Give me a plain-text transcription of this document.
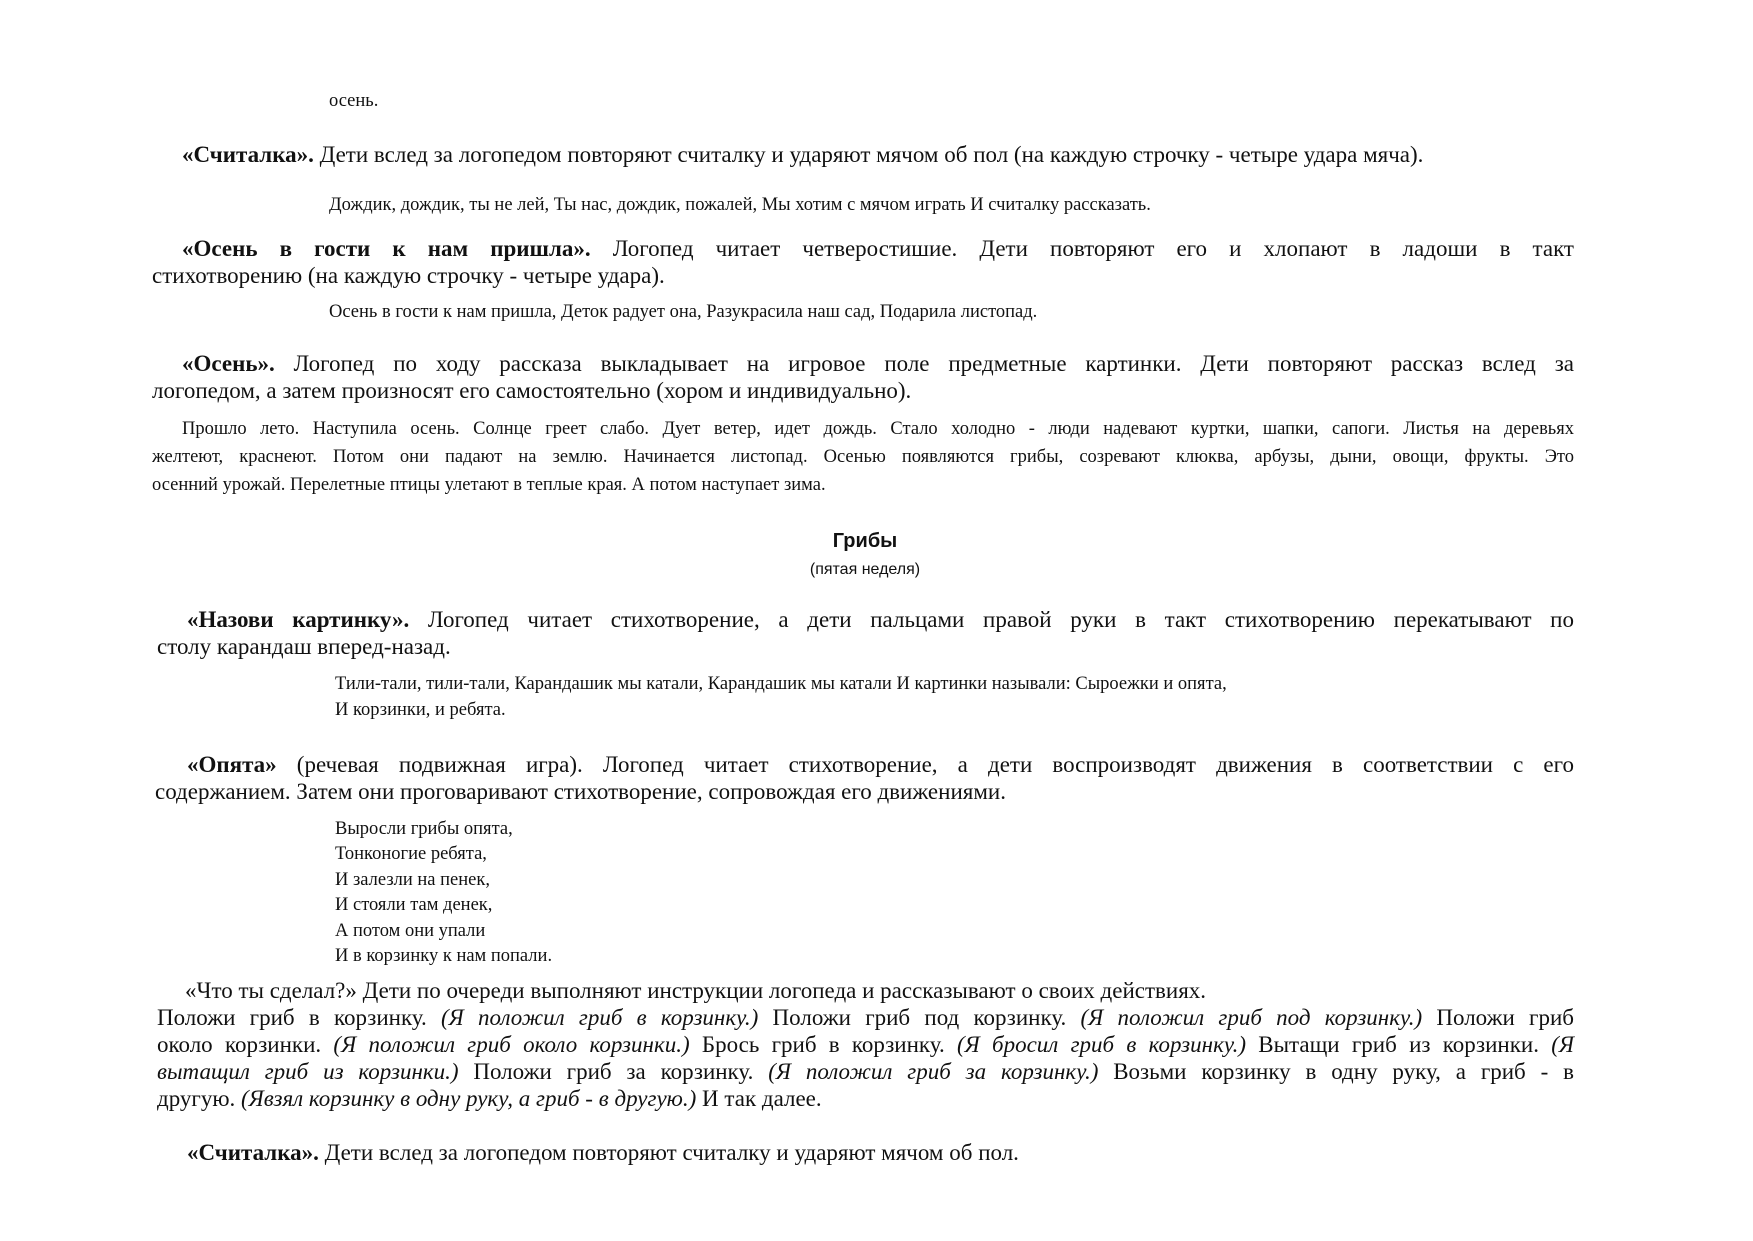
осень.
«Считалка». Дети вслед за логопедом повторяют считалку и ударяют мячом об пол (на каждую строчку - четыре удара мяча).
Дождик, дождик, ты не лей, Ты нас, дождик, пожалей, Мы хотим с мячом играть И считалку рассказать.
«Осень в гости к нам пришла». Логопед читает четверостишие. Дети повторяют его и хлопают в ладоши в такт
стихотворению (на каждую строчку - четыре удара).
Осень в гости к нам пришла, Деток радует она, Разукрасила наш сад, Подарила листопад.
«Осень». Логопед по ходу рассказа выкладывает на игровое поле предметные картинки. Дети повторяют рассказ вслед за
логопедом, а затем произносят его самостоятельно (хором и индивидуально).
Прошло лето. Наступила осень. Солнце греет слабо. Дует ветер, идет дождь. Стало холодно - люди надевают куртки, шапки, сапоги. Листья на деревьях
желтеют, краснеют. Потом они падают на землю. Начинается листопад. Осенью появляются грибы, созревают клюква, арбузы, дыни, овощи, фрукты. Это
осенний урожай. Перелетные птицы улетают в теплые края. А потом наступает зима.
Грибы
(пятая неделя)
«Назови картинку». Логопед читает стихотворение, а дети пальцами правой руки в такт стихотворению перекатывают по
столу карандаш вперед-назад.
Тили-тали, тили-тали, Карандашик мы катали, Карандашик мы катали И картинки называли: Сыроежки и опята,
И корзинки, и ребята.
«Опята» (речевая подвижная игра). Логопед читает стихотворение, а дети воспроизводят движения в соответствии с его
содержанием. Затем они проговаривают стихотворение, сопровождая его движениями.
Выросли грибы опята,
Тонконогие ребята,
И залезли на пенек,
И стояли там денек,
А потом они упали
И в корзинку к нам попали.
«Что ты сделал?» Дети по очереди выполняют инструкции логопеда и рассказывают о своих действиях.
Положи гриб в корзинку. (Я положил гриб в корзинку.) Положи гриб под корзинку. (Я положил гриб под корзинку.) Положи гриб
около корзинки. (Я положил гриб около корзинки.) Брось гриб в корзинку. (Я бросил гриб в корзинку.) Вытащи гриб из корзинки. (Я
вытащил гриб из корзинки.) Положи гриб за корзинку. (Я положил гриб за корзинку.) Возьми корзинку в одну руку, а гриб - в
другую. (Явзял корзинку в одну руку, а гриб - в другую.) И так далее.
«Считалка». Дети вслед за логопедом повторяют считалку и ударяют мячом об пол.
